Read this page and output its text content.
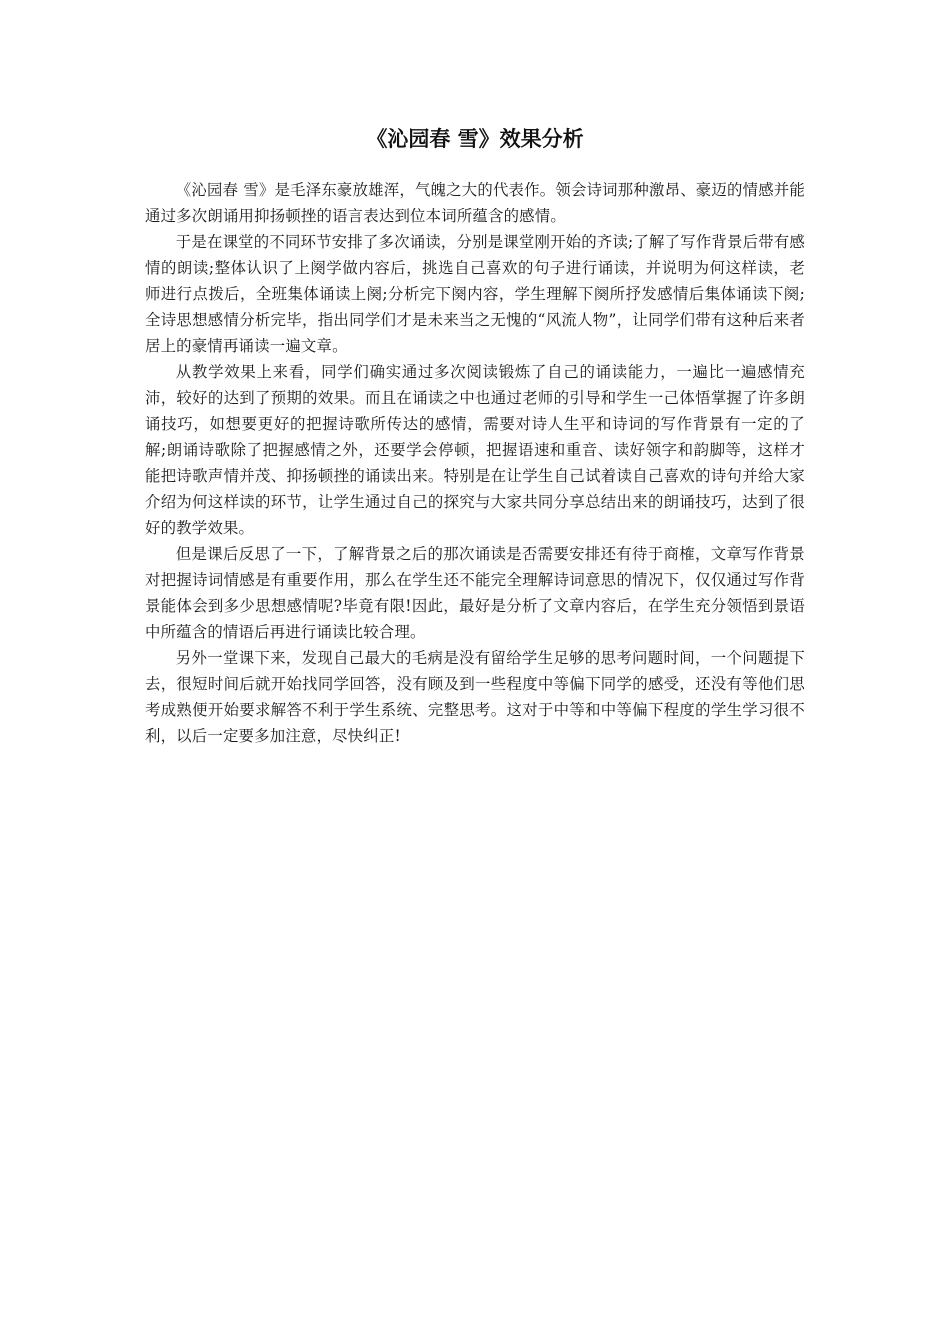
《沁园春 雪》效果分析

《沁园春 雪》是毛泽东豪放雄浑，气魄之大的代表作。领会诗词那种激昂、豪迈的情感并能通过多次朗诵用抑扬顿挫的语言表达到位本词所蕴含的感情。

于是在课堂的不同环节安排了多次诵读，分别是课堂刚开始的齐读;了解了写作背景后带有感情的朗读;整体认识了上阕学做内容后，挑选自己喜欢的句子进行诵读，并说明为何这样读，老师进行点拨后，全班集体诵读上阕;分析完下阕内容，学生理解下阕所抒发感情后集体诵读下阕;全诗思想感情分析完毕，指出同学们才是未来当之无愧的“风流人物”，让同学们带有这种后来者居上的豪情再诵读一遍文章。

从教学效果上来看，同学们确实通过多次阅读锻炼了自己的诵读能力，一遍比一遍感情充沛，较好的达到了预期的效果。而且在诵读之中也通过老师的引导和学生一己体悟掌握了许多朗诵技巧，如想要更好的把握诗歌所传达的感情，需要对诗人生平和诗词的写作背景有一定的了解;朗诵诗歌除了把握感情之外，还要学会停顿，把握语速和重音、读好领字和韵脚等，这样才能把诗歌声情并茂、抑扬顿挫的诵读出来。特别是在让学生自己试着读自己喜欢的诗句并给大家介绍为何这样读的环节，让学生通过自己的探究与大家共同分享总结出来的朗诵技巧，达到了很好的教学效果。

但是课后反思了一下，了解背景之后的那次诵读是否需要安排还有待于商榷，文章写作背景对把握诗词情感是有重要作用，那么在学生还不能完全理解诗词意思的情况下，仅仅通过写作背景能体会到多少思想感情呢?毕竟有限!因此，最好是分析了文章内容后，在学生充分领悟到景语中所蕴含的情语后再进行诵读比较合理。

另外一堂课下来，发现自己最大的毛病是没有留给学生足够的思考问题时间，一个问题提下去，很短时间后就开始找同学回答，没有顾及到一些程度中等偏下同学的感受，还没有等他们思考成熟便开始要求解答不利于学生系统、完整思考。这对于中等和中等偏下程度的学生学习很不利，以后一定要多加注意，尽快纠正!
